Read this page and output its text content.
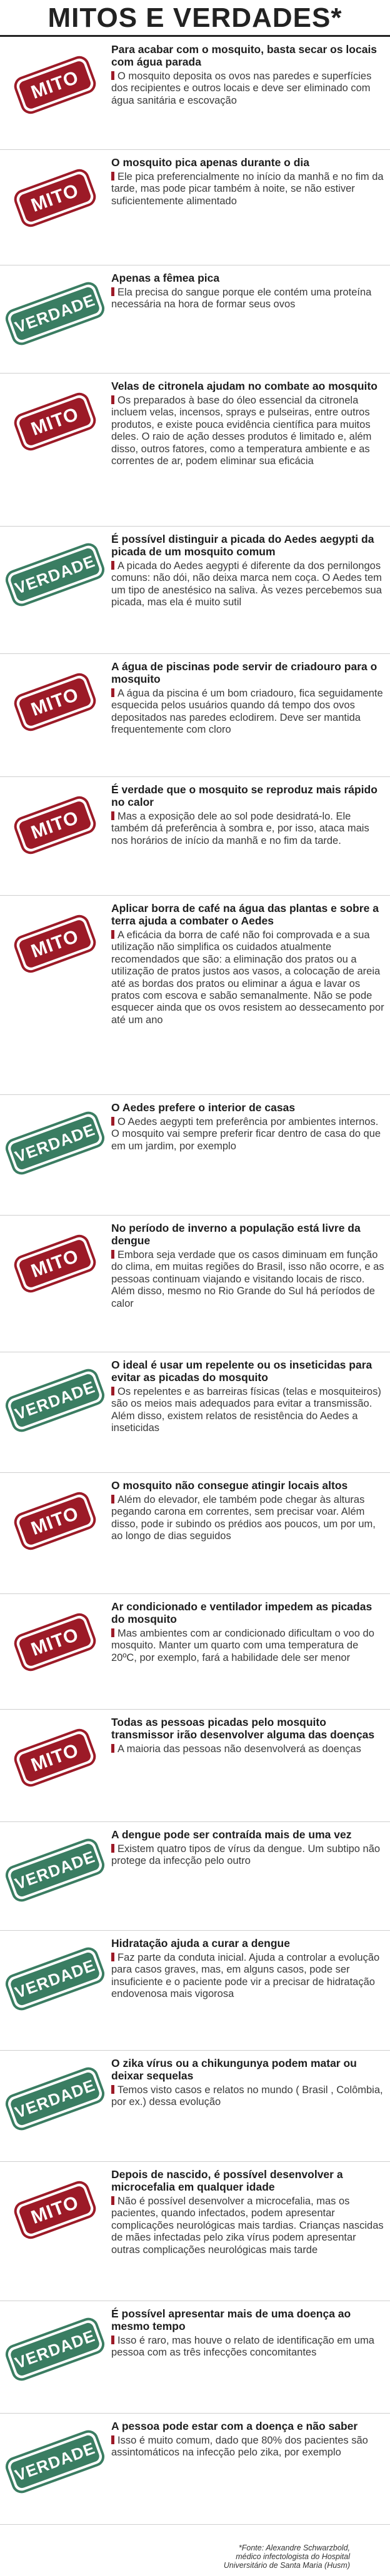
MITOS E VERDADES*
MITO

Para acabar com o mosquito, basta secar os locais com água parada

O mosquito deposita os ovos nas paredes e superfícies dos recipientes e outros locais e deve ser eliminado com água sanitária e escovação

MITO

O mosquito pica apenas durante o dia

Ele pica preferencialmente no início da manhã e no fim da tarde, mas pode picar também à noite, se não estiver suficientemente alimentado

VERDADE

Apenas a fêmea pica

Ela precisa do sangue porque ele contém uma proteína necessária na hora de formar seus ovos

MITO

Velas de citronela ajudam no combate ao mosquito

Os preparados à base do óleo essencial da citronela incluem velas, incensos, sprays e pulseiras, entre outros produtos, e existe pouca evidência científica para muitos deles. O raio de ação desses produtos é limitado e, além disso, outros fatores, como a temperatura ambiente e as correntes de ar, podem eliminar sua eficácia

VERDADE

É possível distinguir a picada do Aedes aegypti da picada de um mosquito comum

A picada do Aedes aegypti é diferente da dos pernilongos comuns: não dói, não deixa marca nem coça. O Aedes tem um tipo de anestésico na saliva. Às vezes percebemos sua picada, mas ela é muito sutil

MITO

A água de piscinas pode servir de criadouro para o mosquito

A água da piscina é um bom criadouro, fica seguidamente esquecida pelos usuários quando dá tempo dos ovos depositados nas paredes eclodirem. Deve ser mantida frequentemente com cloro

MITO

É verdade que o mosquito se reproduz mais rápido no calor

Mas a exposição dele ao sol pode desidratá-lo. Ele também dá preferência à sombra e, por isso, ataca mais nos horários de início da manhã e no fim da tarde.

MITO

Aplicar borra de café na água das plantas e sobre a terra ajuda a combater o Aedes

A eficácia da borra de café não foi comprovada e a sua utilização não simplifica os cuidados atualmente recomendados que são: a eliminação dos pratos ou a utilização de pratos justos aos vasos, a colocação de areia até as bordas dos pratos ou eliminar a água e lavar os pratos com escova e sabão semanalmente. Não se pode esquecer ainda que os ovos resistem ao dessecamento por até um ano

VERDADE

O Aedes prefere o interior de casas

O Aedes aegypti tem preferência por ambientes internos. O mosquito vai sempre preferir ficar dentro de casa do que em um jardim, por exemplo

MITO

No período de inverno a população está livre da dengue

Embora seja verdade que os casos diminuam em função do clima, em muitas regiões do Brasil, isso não ocorre, e as pessoas continuam viajando e visitando locais de risco. Além disso, mesmo no Rio Grande do Sul há períodos de calor

VERDADE

O ideal é usar um repelente ou os inseticidas para evitar as picadas do mosquito

Os repelentes e as barreiras físicas (telas e mosquiteiros) são os meios mais adequados para evitar a transmissão. Além disso, existem relatos de resistência do Aedes a inseticidas

MITO

O mosquito não consegue atingir locais altos

Além do elevador, ele também pode chegar às alturas pegando carona em correntes, sem precisar voar. Além disso, pode ir subindo os prédios aos poucos, um por um, ao longo de dias seguidos

MITO

Ar condicionado e ventilador impedem as picadas do mosquito

Mas ambientes com ar condicionado dificultam o voo do mosquito. Manter um quarto com uma temperatura de 20ºC, por exemplo, fará a habilidade dele ser menor

MITO

Todas as pessoas picadas pelo mosquito transmissor irão desenvolver alguma das doenças

A maioria das pessoas não desenvolverá as doenças

VERDADE

A dengue pode ser contraída mais de uma vez

Existem quatro tipos de vírus da dengue. Um subtipo não protege da infecção pelo outro

VERDADE

Hidratação ajuda a curar a dengue

Faz parte da conduta inicial. Ajuda a controlar a evolução para casos graves, mas, em alguns casos, pode ser insuficiente e o paciente pode vir a precisar de hidratação endovenosa mais vigorosa

VERDADE

O zika vírus ou a chikungunya podem matar ou deixar sequelas

Temos visto casos e relatos no mundo ( Brasil , Colômbia, por ex.) dessa evolução

MITO

Depois de nascido, é possível desenvolver a microcefalia em qualquer idade

Não é possível desenvolver a microcefalia, mas os pacientes, quando infectados, podem apresentar complicações neurológicas mais tardias. Crianças nascidas de mães infectadas pelo zika vírus podem apresentar outras complicações neurológicas mais tarde

VERDADE

É possível apresentar mais de uma doença ao mesmo tempo

Isso é raro, mas houve o relato de identificação em uma pessoa com as três infecções concomitantes

VERDADE

A pessoa pode estar com a doença e não saber

Isso é muito comum, dado que 80% dos pacientes são assintomáticos na infecção pelo zika, por exemplo

*Fonte: Alexandre Schwarzbold, médico infectologista do Hospital Universitário de Santa Maria (Husm)
